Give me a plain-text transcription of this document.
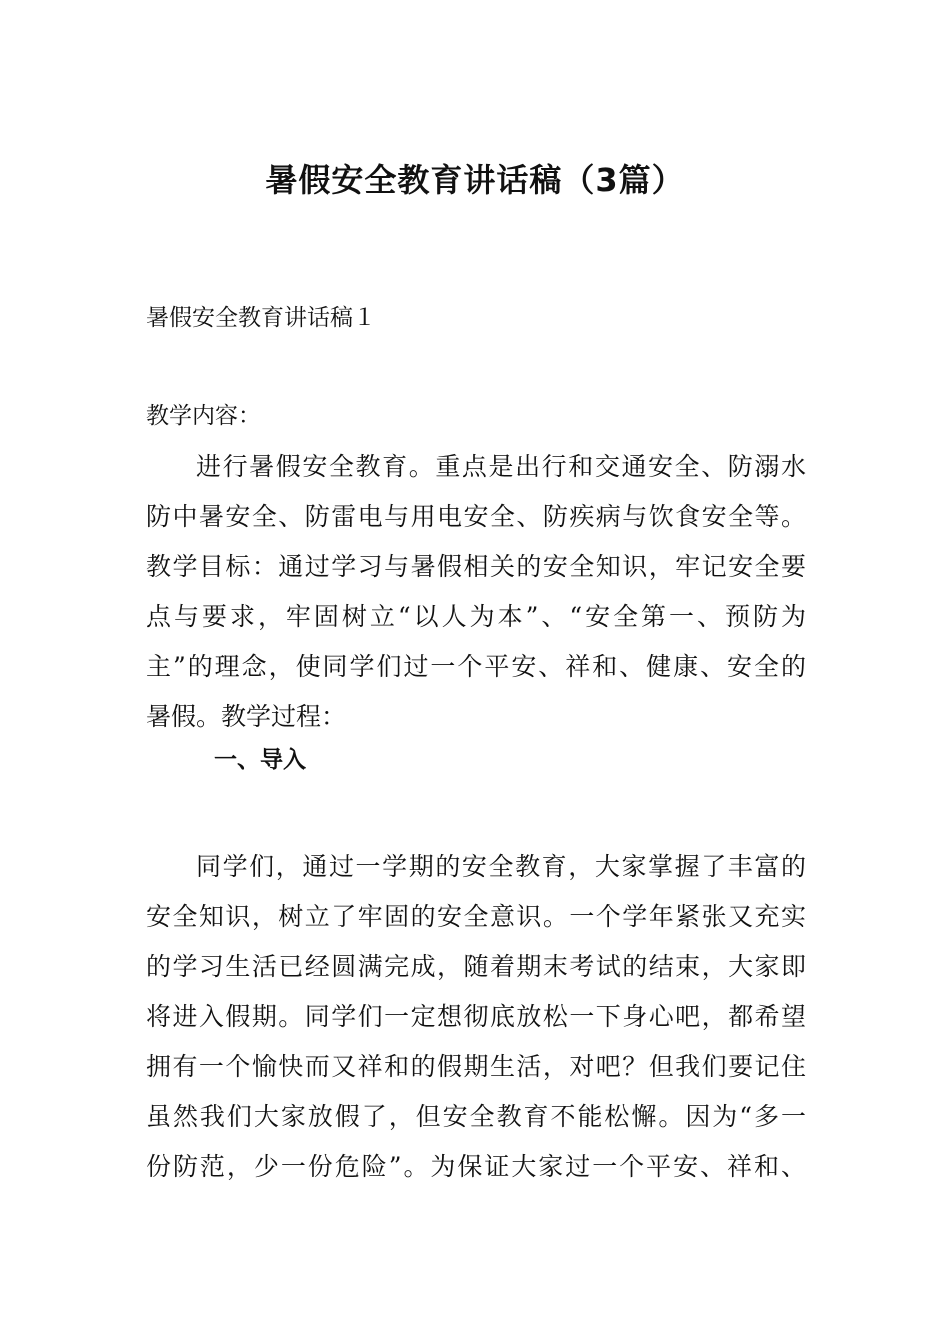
暑假安全教育讲话稿（3篇）

暑假安全教育讲话稿１

教学内容：

进行暑假安全教育。重点是出行和交通安全、防溺水
防中暑安全、防雷电与用电安全、防疾病与饮食安全等。
教学目标：通过学习与暑假相关的安全知识，牢记安全要
点与要求，牢固树立“以人为本”、“安全第一、预防为
主”的理念，使同学们过一个平安、祥和、健康、安全的
暑假。教学过程：
一、导入
同学们，通过一学期的安全教育，大家掌握了丰富的
安全知识，树立了牢固的安全意识。一个学年紧张又充实
的学习生活已经圆满完成，随着期末考试的结束，大家即
将进入假期。同学们一定想彻底放松一下身心吧，都希望
拥有一个愉快而又祥和的假期生活，对吧？但我们要记住
虽然我们大家放假了，但安全教育不能松懈。因为“多一
份防范，少一份危险”。为保证大家过一个平安、祥和、
